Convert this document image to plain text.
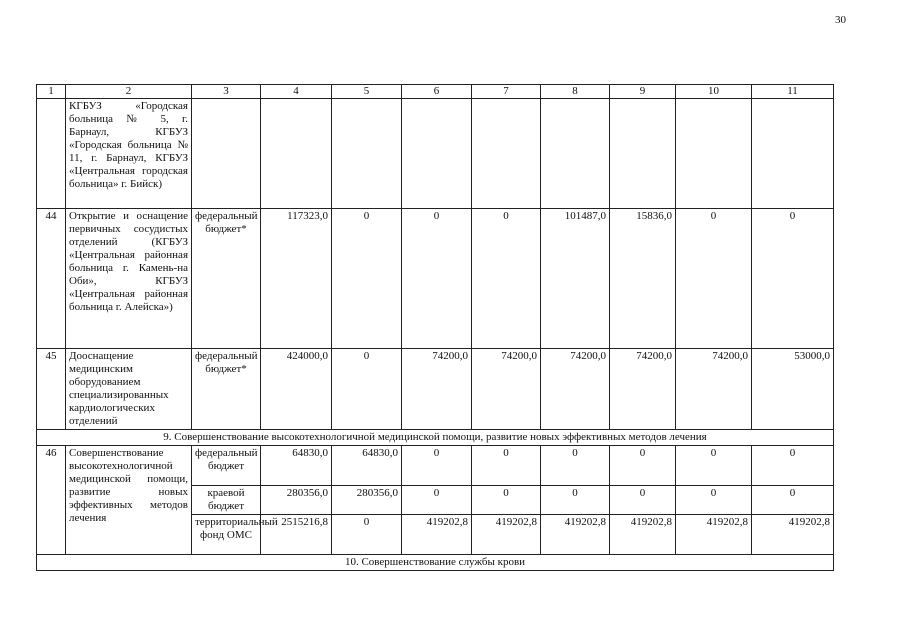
30
1	2	3	4	5	6	7	8	9	10	11
	КГБУЗ «Городская больница № 5, г. Барнаул, КГБУЗ «Городская больница № 11, г. Барнаул, КГБУЗ «Центральная городская больница» г. Бийск)									
44	Открытие и оснащение первичных сосудистых отделений (КГБУЗ «Центральная районная больница г. Камень-на Оби», КГБУЗ «Центральная районная больница г. Алейска»)	федеральный бюджет*	117323,0	0	0	0	101487,0	15836,0	0	0
45	Дооснащение медицинским оборудованием специализированных кардиологических отделений	федеральный бюджет*	424000,0	0	74200,0	74200,0	74200,0	74200,0	74200,0	53000,0
9. Совершенствование высокотехнологичной медицинской помощи, развитие новых эффективных методов лечения										
46	Совершенствование высокотехнологичной медицинской помощи, развитие новых эффективных методов лечения	федеральный бюджет	64830,0	64830,0	0	0	0	0	0	0
		краевой бюджет	280356,0	280356,0	0	0	0	0	0	0
		территориальный фонд ОМС	2515216,8	0	419202,8	419202,8	419202,8	419202,8	419202,8	419202,8
10. Совершенствование службы крови										
